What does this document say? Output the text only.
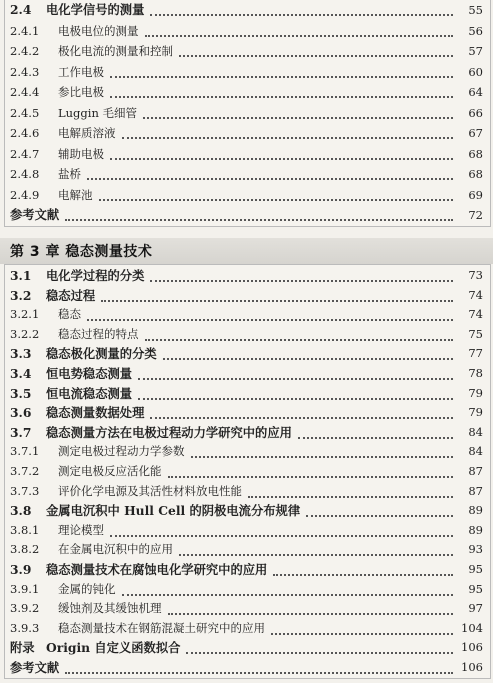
第 3 章 稳态测量技术
2.4 电化学信号的测量	55
2.4.1 电极电位的测量	56
2.4.2 极化电流的测量和控制	57
2.4.3 工作电极	60
2.4.4 参比电极	64
2.4.5 Luggin 毛细管	66
2.4.6 电解质溶液	67
2.4.7 辅助电极	68
2.4.8 盐桥	68
2.4.9 电解池	69
参考文献	72
3.1 电化学过程的分类	73
3.2 稳态过程	74
3.2.1 稳态	74
3.2.2 稳态过程的特点	75
3.3 稳态极化测量的分类	77
3.4 恒电势稳态测量	78
3.5 恒电流稳态测量	79
3.6 稳态测量数据处理	79
3.7 稳态测量方法在电极过程动力学研究中的应用	84
3.7.1 测定电极过程动力学参数	84
3.7.2 测定电极反应活化能	87
3.7.3 评价化学电源及其活性材料放电性能	87
3.8 金属电沉积中 Hull Cell 的阴极电流分布规律	89
3.8.1 理论模型	89
3.8.2 在金属电沉积中的应用	93
3.9 稳态测量技术在腐蚀电化学研究中的应用	95
3.9.1 金属的钝化	95
3.9.2 缓蚀剂及其缓蚀机理	97
3.9.3 稳态测量技术在钢筋混凝土研究中的应用	104
附录 Origin 自定义函数拟合	106
参考文献	106
